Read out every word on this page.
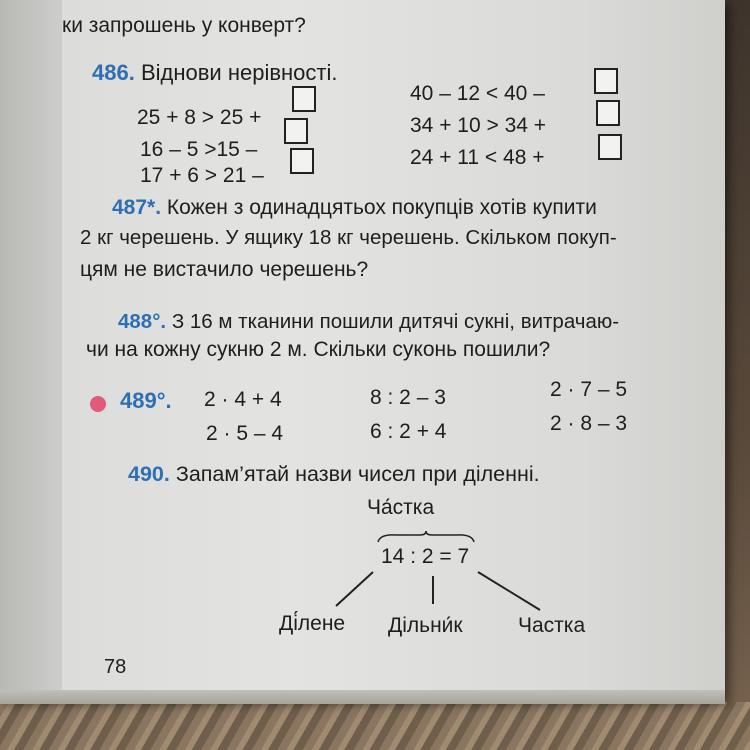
ки запрошень у конверт?
486. Віднови нерівності.
25 + 8 > 25 +
16 – 5 >15 –
17 + 6 > 21 –
40 – 12 < 40 –
34 + 10 > 34 +
24 + 11 < 48 +
487*. Кожен з одинадцятьох покупців хотів купити
2 кг черешень. У ящику 18 кг черешень. Скільком покуп-
цям не вистачило черешень?
488°. З 16 м тканини пошили дитячі сукні, витрачаю-
чи на кожну сукню 2 м. Скільки суконь пошили?
489°. 2 · 4 + 4
2 · 5 – 4
8 : 2 – 3
6 : 2 + 4
2 · 7 – 5
2 · 8 – 3
490. Запам’ятай назви чисел при діленні.
Ча́стка
14 : 2 = 7
Ді́лене Дільни́к	Частка
78
